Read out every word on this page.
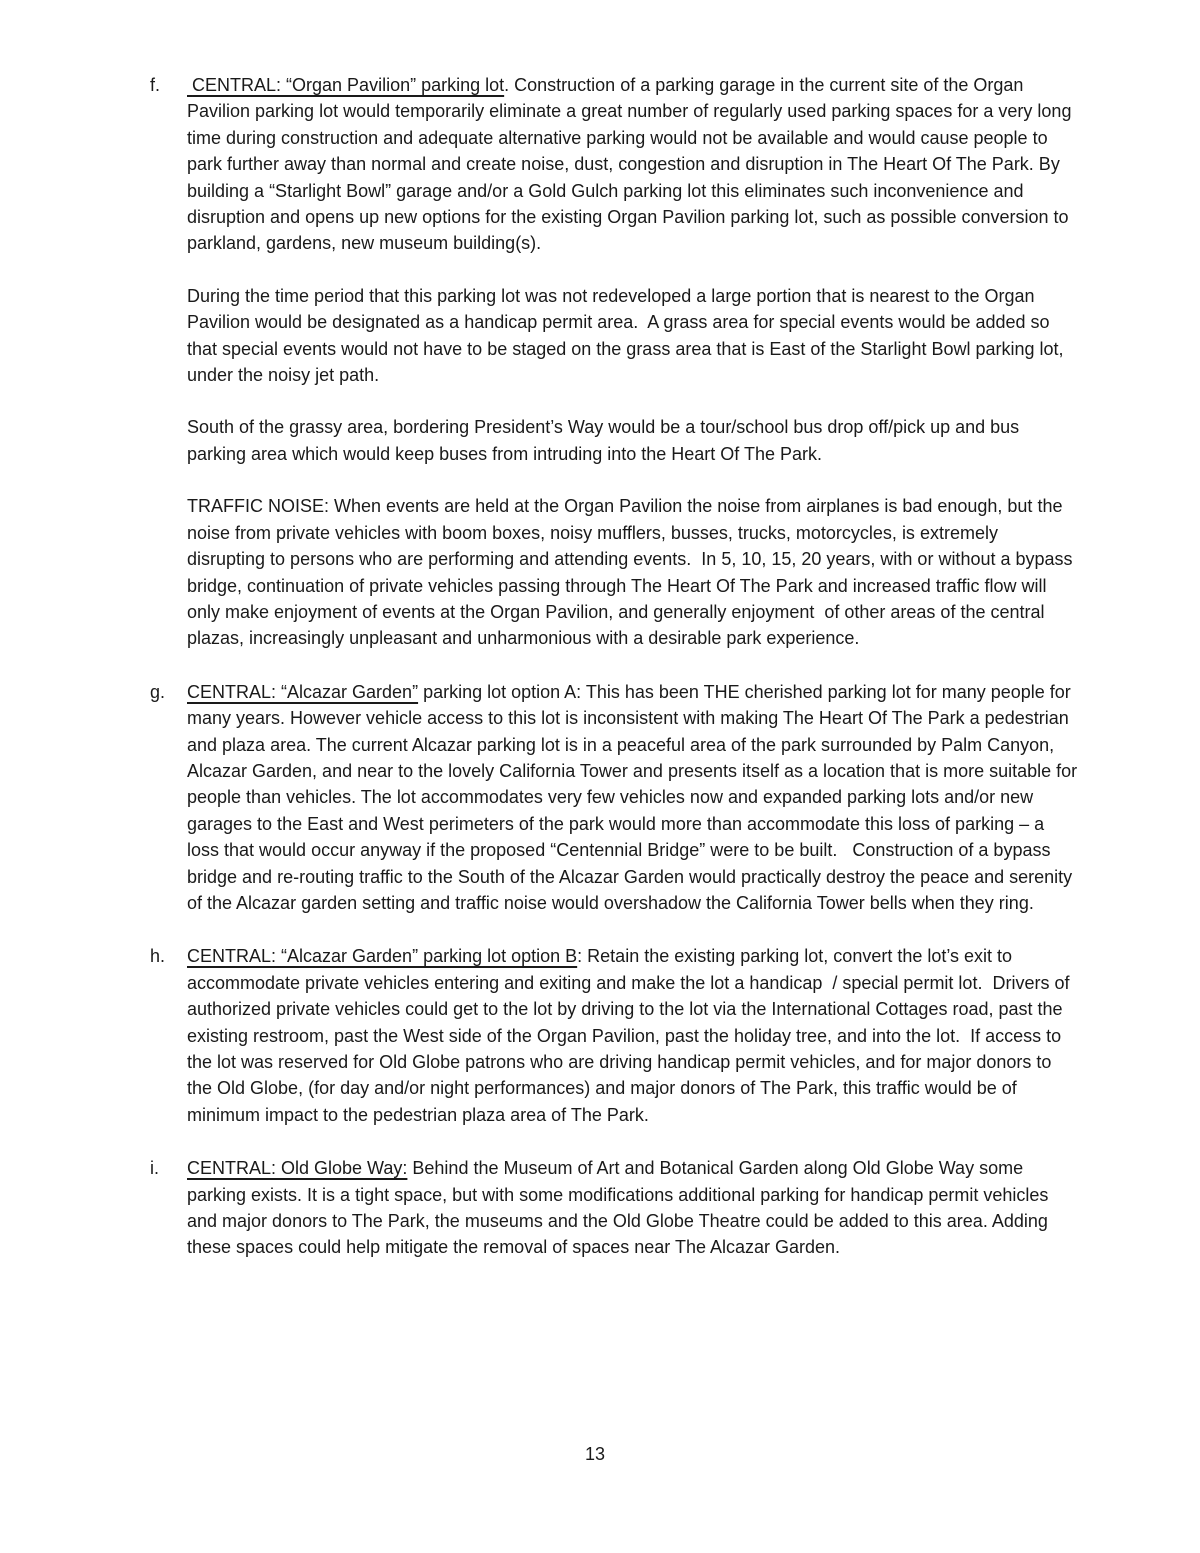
f.	CENTRAL: “Organ Pavilion” parking lot. Construction of a parking garage in the current site of the Organ Pavilion parking lot would temporarily eliminate a great number of regularly used parking spaces for a very long time during construction and adequate alternative parking would not be available and would cause people to park further away than normal and create noise, dust, congestion and disruption in The Heart Of The Park. By building a “Starlight Bowl” garage and/or a Gold Gulch parking lot this eliminates such inconvenience and disruption and opens up new options for the existing Organ Pavilion parking lot, such as possible conversion to parkland, gardens, new museum building(s).

During the time period that this parking lot was not redeveloped a large portion that is nearest to the Organ Pavilion would be designated as a handicap permit area.  A grass area for special events would be added so that special events would not have to be staged on the grass area that is East of the Starlight Bowl parking lot, under the noisy jet path.

South of the grassy area, bordering President’s Way would be a tour/school bus drop off/pick up and bus parking area which would keep buses from intruding into the Heart Of The Park.

TRAFFIC NOISE: When events are held at the Organ Pavilion the noise from airplanes is bad enough, but the noise from private vehicles with boom boxes, noisy mufflers, busses, trucks, motorcycles, is extremely disrupting to persons who are performing and attending events.  In 5, 10, 15, 20 years, with or without a bypass bridge, continuation of private vehicles passing through The Heart Of The Park and increased traffic flow will only make enjoyment of events at the Organ Pavilion, and generally enjoyment  of other areas of the central plazas, increasingly unpleasant and unharmonious with a desirable park experience.

g.	CENTRAL: “Alcazar Garden” parking lot option A: This has been THE cherished parking lot for many people for many years. However vehicle access to this lot is inconsistent with making The Heart Of The Park a pedestrian and plaza area. The current Alcazar parking lot is in a peaceful area of the park surrounded by Palm Canyon, Alcazar Garden, and near to the lovely California Tower and presents itself as a location that is more suitable for people than vehicles. The lot accommodates very few vehicles now and expanded parking lots and/or new garages to the East and West perimeters of the park would more than accommodate this loss of parking – a loss that would occur anyway if the proposed “Centennial Bridge” were to be built.   Construction of a bypass bridge and re-routing traffic to the South of the Alcazar Garden would practically destroy the peace and serenity of the Alcazar garden setting and traffic noise would overshadow the California Tower bells when they ring.

h.	CENTRAL: “Alcazar Garden” parking lot option B: Retain the existing parking lot, convert the lot’s exit to accommodate private vehicles entering and exiting and make the lot a handicap  / special permit lot.  Drivers of authorized private vehicles could get to the lot by driving to the lot via the International Cottages road, past the existing restroom, past the West side of the Organ Pavilion, past the holiday tree, and into the lot.  If access to the lot was reserved for Old Globe patrons who are driving handicap permit vehicles, and for major donors to the Old Globe, (for day and/or night performances) and major donors of The Park, this traffic would be of minimum impact to the pedestrian plaza area of The Park.

i.	CENTRAL: Old Globe Way: Behind the Museum of Art and Botanical Garden along Old Globe Way some parking exists. It is a tight space, but with some modifications additional parking for handicap permit vehicles and major donors to The Park, the museums and the Old Globe Theatre could be added to this area. Adding these spaces could help mitigate the removal of spaces near The Alcazar Garden.

13
